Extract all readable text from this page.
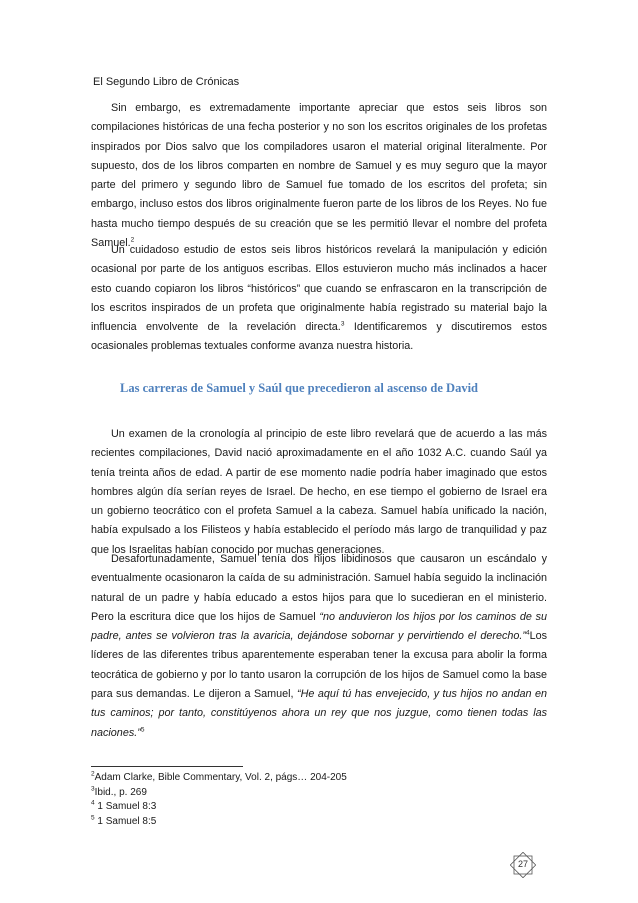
El Segundo Libro de Crónicas

Sin embargo, es extremadamente importante apreciar que estos seis libros son compilaciones históricas de una fecha posterior y no son los escritos originales de los profetas inspirados por Dios salvo que los compiladores usaron el material original literalmente. Por supuesto, dos de los libros comparten en nombre de Samuel y es muy seguro que la mayor parte del primero y segundo libro de Samuel fue tomado de los escritos del profeta; sin embargo, incluso estos dos libros originalmente fueron parte de los libros de los Reyes. No fue hasta mucho tiempo después de su creación que se les permitió llevar el nombre del profeta Samuel.$^2$

Un cuidadoso estudio de estos seis libros históricos revelará la manipulación y edición ocasional por parte de los antiguos escribas. Ellos estuvieron mucho más inclinados a hacer esto cuando copiaron los libros “históricos” que cuando se enfrascaron en la transcripción de los escritos inspirados de un profeta que originalmente había registrado su material bajo la influencia envolvente de la revelación directa.$^3$ Identificaremos y discutiremos estos ocasionales problemas textuales conforme avanza nuestra historia.

Las carreras de Samuel y Saúl que precedieron al ascenso de David

Un examen de la cronología al principio de este libro revelará que de acuerdo a las más recientes compilaciones, David nació aproximadamente en el año 1032 A.C. cuando Saúl ya tenía treinta años de edad. A partir de ese momento nadie podría haber imaginado que estos hombres algún día serían reyes de Israel. De hecho, en ese tiempo el gobierno de Israel era un gobierno teocrático con el profeta Samuel a la cabeza. Samuel había unificado la nación, había expulsado a los Filisteos y había establecido el período más largo de tranquilidad y paz que los Israelitas habían conocido por muchas generaciones.

Desafortunadamente, Samuel tenía dos hijos libidinosos que causaron un escándalo y eventualmente ocasionaron la caída de su administración. Samuel había seguido la inclinación natural de un padre y había educado a estos hijos para que lo sucedieran en el ministerio. Pero la escritura dice que los hijos de Samuel “no anduvieron los hijos por los caminos de su padre, antes se volvieron tras la avaricia, dejándose sobornar y pervirtiendo el derecho.”$^4$Los líderes de las diferentes tribus aparentemente esperaban tener la excusa para abolir la forma teocrática de gobierno y por lo tanto usaron la corrupción de los hijos de Samuel como la base para sus demandas. Le dijeron a Samuel, “He aquí tú has envejecido, y tus hijos no andan en tus caminos; por tanto, constitúyenos ahora un rey que nos juzgue, como tienen todas las naciones.”$^5$

$^2$Adam Clarke, Bible Commentary, Vol. 2, págs… 204-205
$^3$Ibid., p. 269
$^4$ 1 Samuel 8:3
$^5$ 1 Samuel 8:5
27
